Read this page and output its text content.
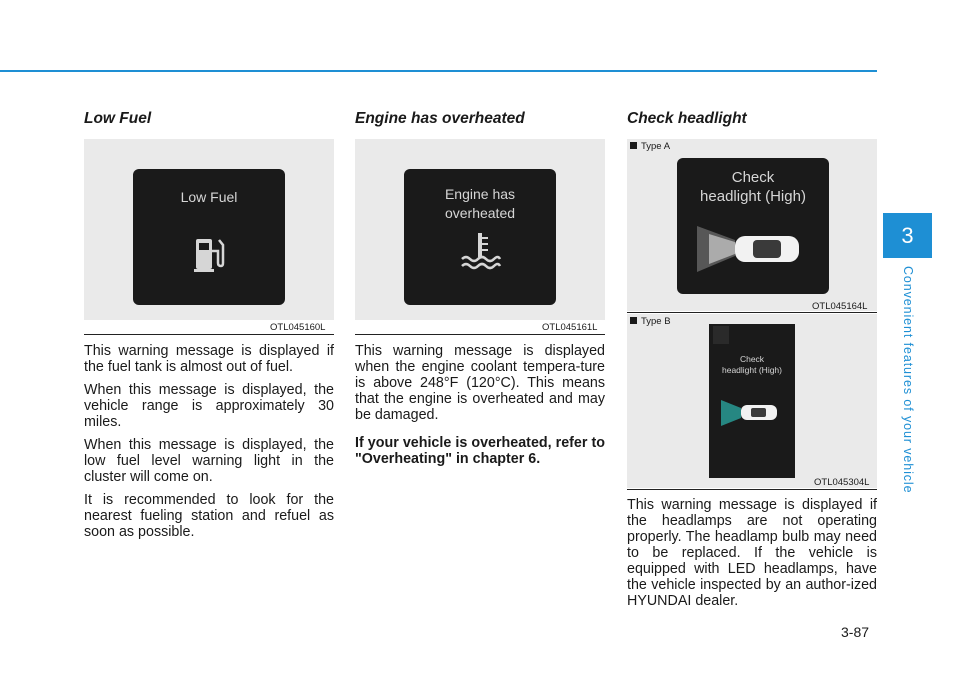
3
Convenient features of your vehicle
Low Fuel
Low Fuel
OTL045160L

This warning message is displayed if the fuel tank is almost out of fuel.

When this message is displayed, the vehicle range is approximately 30 miles.

When this message is displayed, the low fuel level warning light in the cluster will come on.

It is recommended to look for the nearest fueling station and refuel as soon as possible.

Engine has overheated
Engine has
overheated
OTL045161L

This warning message is displayed when the engine coolant tempera-ture is above 248°F (120°C). This means that the engine is overheated and may be damaged.

If your vehicle is overheated, refer to "Overheating" in chapter 6.

Check headlight
Type A
Check
headlight (High)
OTL045164L
Type B
Check
headlight (High)
OTL045304L

This warning message is displayed if the headlamps are not operating properly. The headlamp bulb may need to be replaced. If the vehicle is equipped with LED headlamps, have the vehicle inspected by an author-ized HYUNDAI dealer.

3-87
